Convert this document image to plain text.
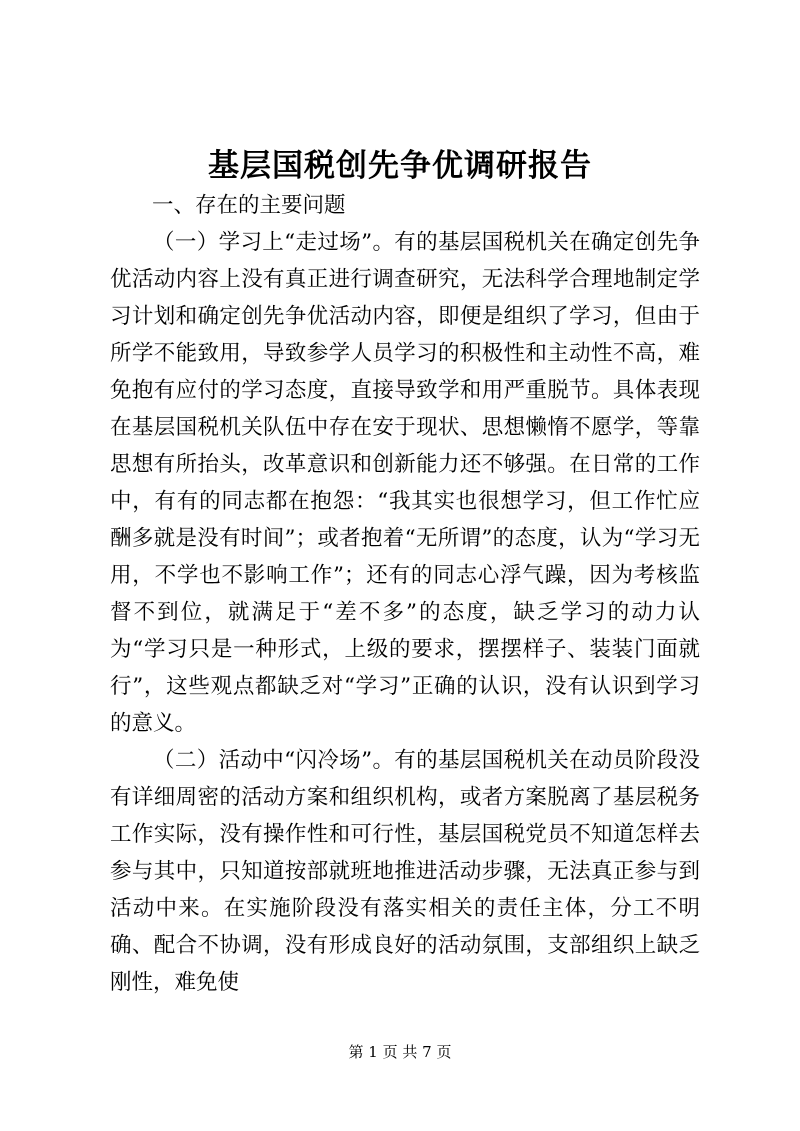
基层国税创先争优调研报告

一、存在的主要问题

（一）学习上“走过场”。有的基层国税机关在确定创先争优活动内容上没有真正进行调查研究，无法科学合理地制定学习计划和确定创先争优活动内容，即便是组织了学习，但由于所学不能致用，导致参学人员学习的积极性和主动性不高，难免抱有应付的学习态度，直接导致学和用严重脱节。具体表现在基层国税机关队伍中存在安于现状、思想懒惰不愿学，等靠思想有所抬头，改革意识和创新能力还不够强。在日常的工作中，有有的同志都在抱怨：“我其实也很想学习，但工作忙应酬多就是没有时间”；或者抱着“无所谓”的态度，认为“学习无用，不学也不影响工作”；还有的同志心浮气躁，因为考核监督不到位，就满足于“差不多”的态度，缺乏学习的动力认为“学习只是一种形式，上级的要求，摆摆样子、装装门面就行”，这些观点都缺乏对“学习”正确的认识，没有认识到学习的意义。

（二）活动中“闪冷场”。有的基层国税机关在动员阶段没有详细周密的活动方案和组织机构，或者方案脱离了基层税务工作实际，没有操作性和可行性，基层国税党员不知道怎样去参与其中，只知道按部就班地推进活动步骤，无法真正参与到活动中来。在实施阶段没有落实相关的责任主体，分工不明确、配合不协调，没有形成良好的活动氛围，支部组织上缺乏刚性，难免使

第 1 页 共 7 页
